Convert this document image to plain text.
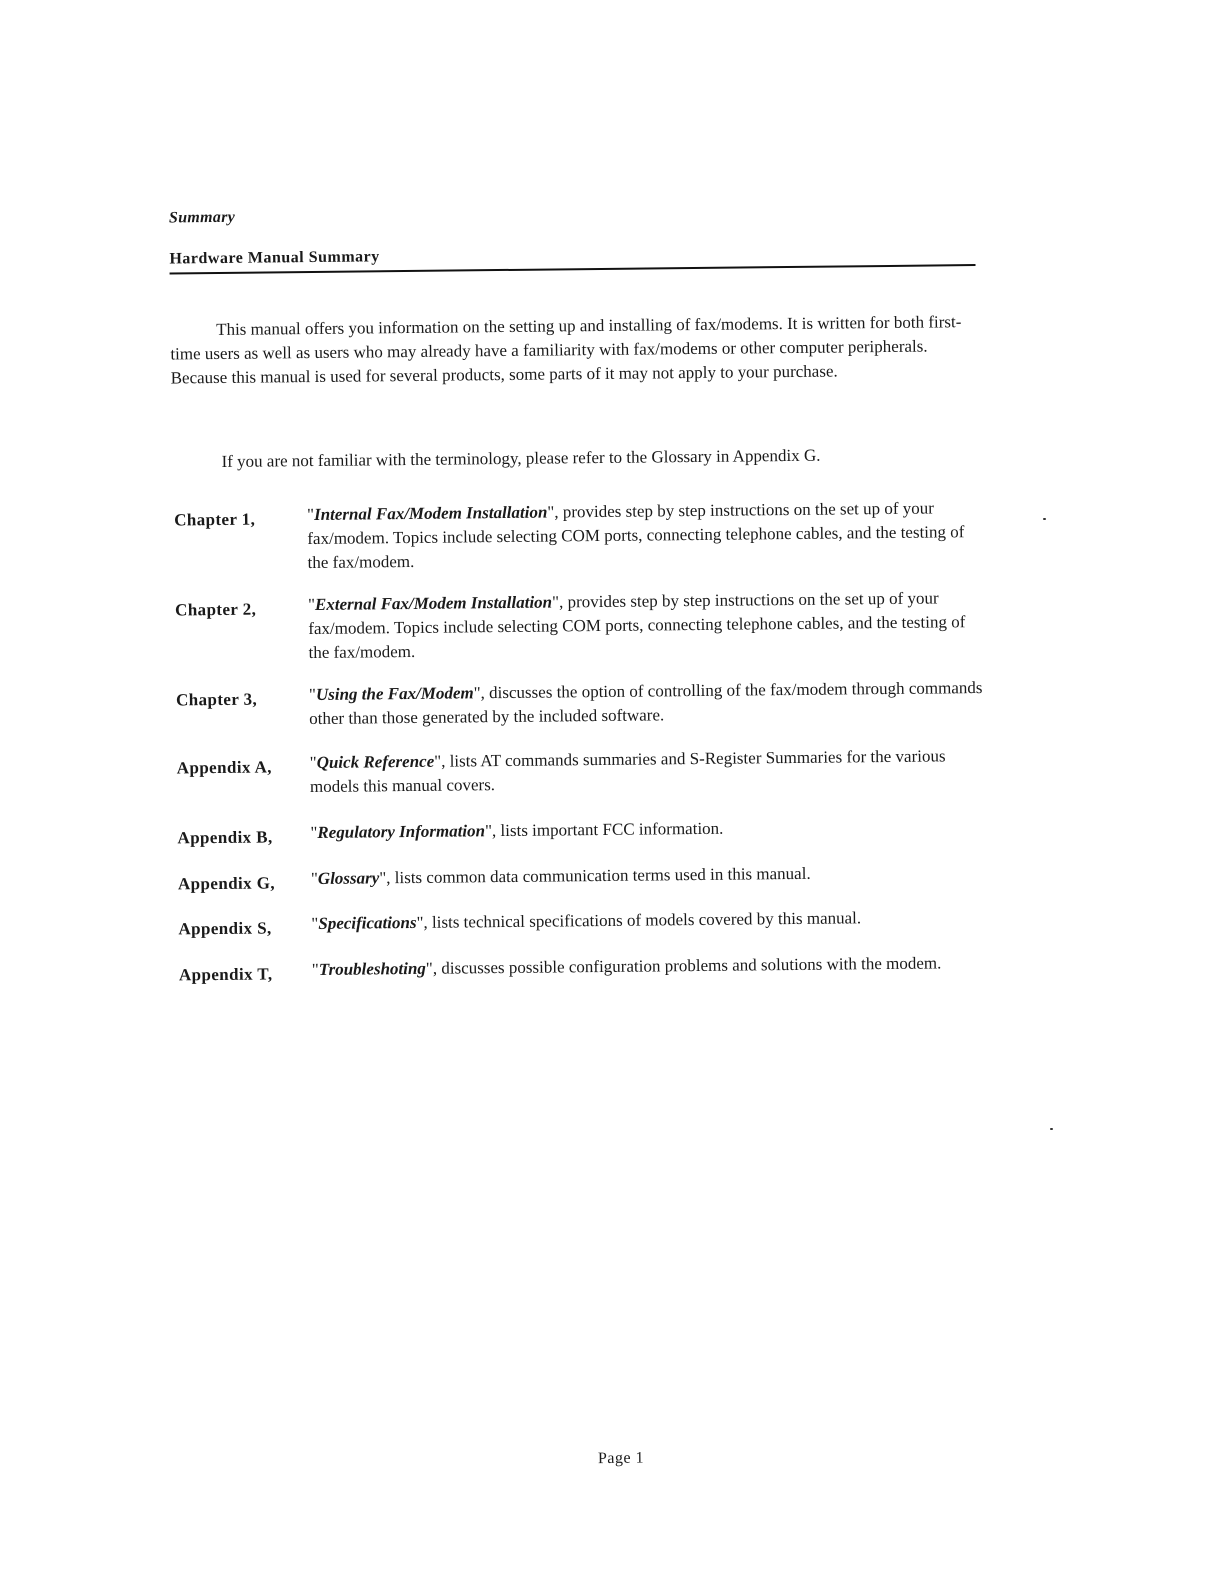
Summary
Hardware Manual Summary

This manual offers you information on the setting up and installing of fax/modems. It is written for both first-time users as well as users who may already have a familiarity with fax/modems or other computer peripherals. Because this manual is used for several products, some parts of it may not apply to your purchase.

If you are not familiar with the terminology, please refer to the Glossary in Appendix G.

Chapter 1,	"Internal Fax/Modem Installation", provides step by step instructions on the set up of your fax/modem. Topics include selecting COM ports, connecting telephone cables, and the testing of the fax/modem.
Chapter 2,	"External Fax/Modem Installation", provides step by step instructions on the set up of your fax/modem. Topics include selecting COM ports, connecting telephone cables, and the testing of the fax/modem.
Chapter 3,	"Using the Fax/Modem", discusses the option of controlling of the fax/modem through commands other than those generated by the included software.
Appendix A,	"Quick Reference", lists AT commands summaries and S-Register Summaries for the various models this manual covers.
Appendix B,	"Regulatory Information", lists important FCC information.
Appendix G,	"Glossary", lists common data communication terms used in this manual.
Appendix S,	"Specifications", lists technical specifications of models covered by this manual.
Appendix T,	"Troubleshoting", discusses possible configuration problems and solutions with the modem.
Page 1
